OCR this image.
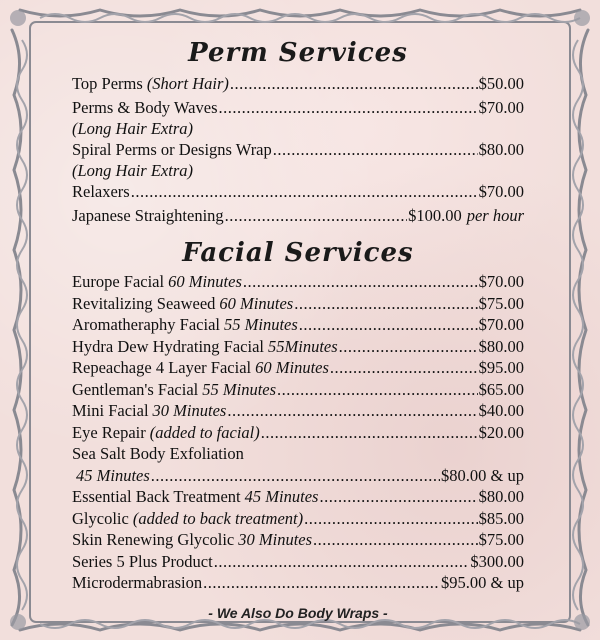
Perm Services
Top Perms (Short Hair) .....	$50.00
Perms & Body Waves .....	$70.00
(Long Hair Extra)
Spiral Perms or Designs Wrap .....	$80.00
(Long Hair Extra)
Relaxers .....	$70.00
Japanese Straightening .....	$100.00 per hour
Facial Services
Europe Facial 60 Minutes .....	$70.00
Revitalizing Seaweed 60 Minutes .....	$75.00
Aromatheraphy Facial 55 Minutes .....	$70.00
Hydra Dew Hydrating Facial 55Minutes .....	$80.00
Repeachage 4 Layer Facial 60 Minutes .....	$95.00
Gentleman's Facial 55 Minutes .....	$65.00
Mini Facial 30 Minutes .....	$40.00
Eye Repair (added to facial) .....	$20.00
Sea Salt Body Exfoliation
45 Minutes .....	$80.00 & up
Essential Back Treatment 45 Minutes .....	$80.00
Glycolic (added to back treatment) .....	$85.00
Skin Renewing Glycolic 30 Minutes .....	$75.00
Series 5 Plus Product .....	$300.00
Microdermabrasion .....	$95.00 & up
- We Also Do Body Wraps -
